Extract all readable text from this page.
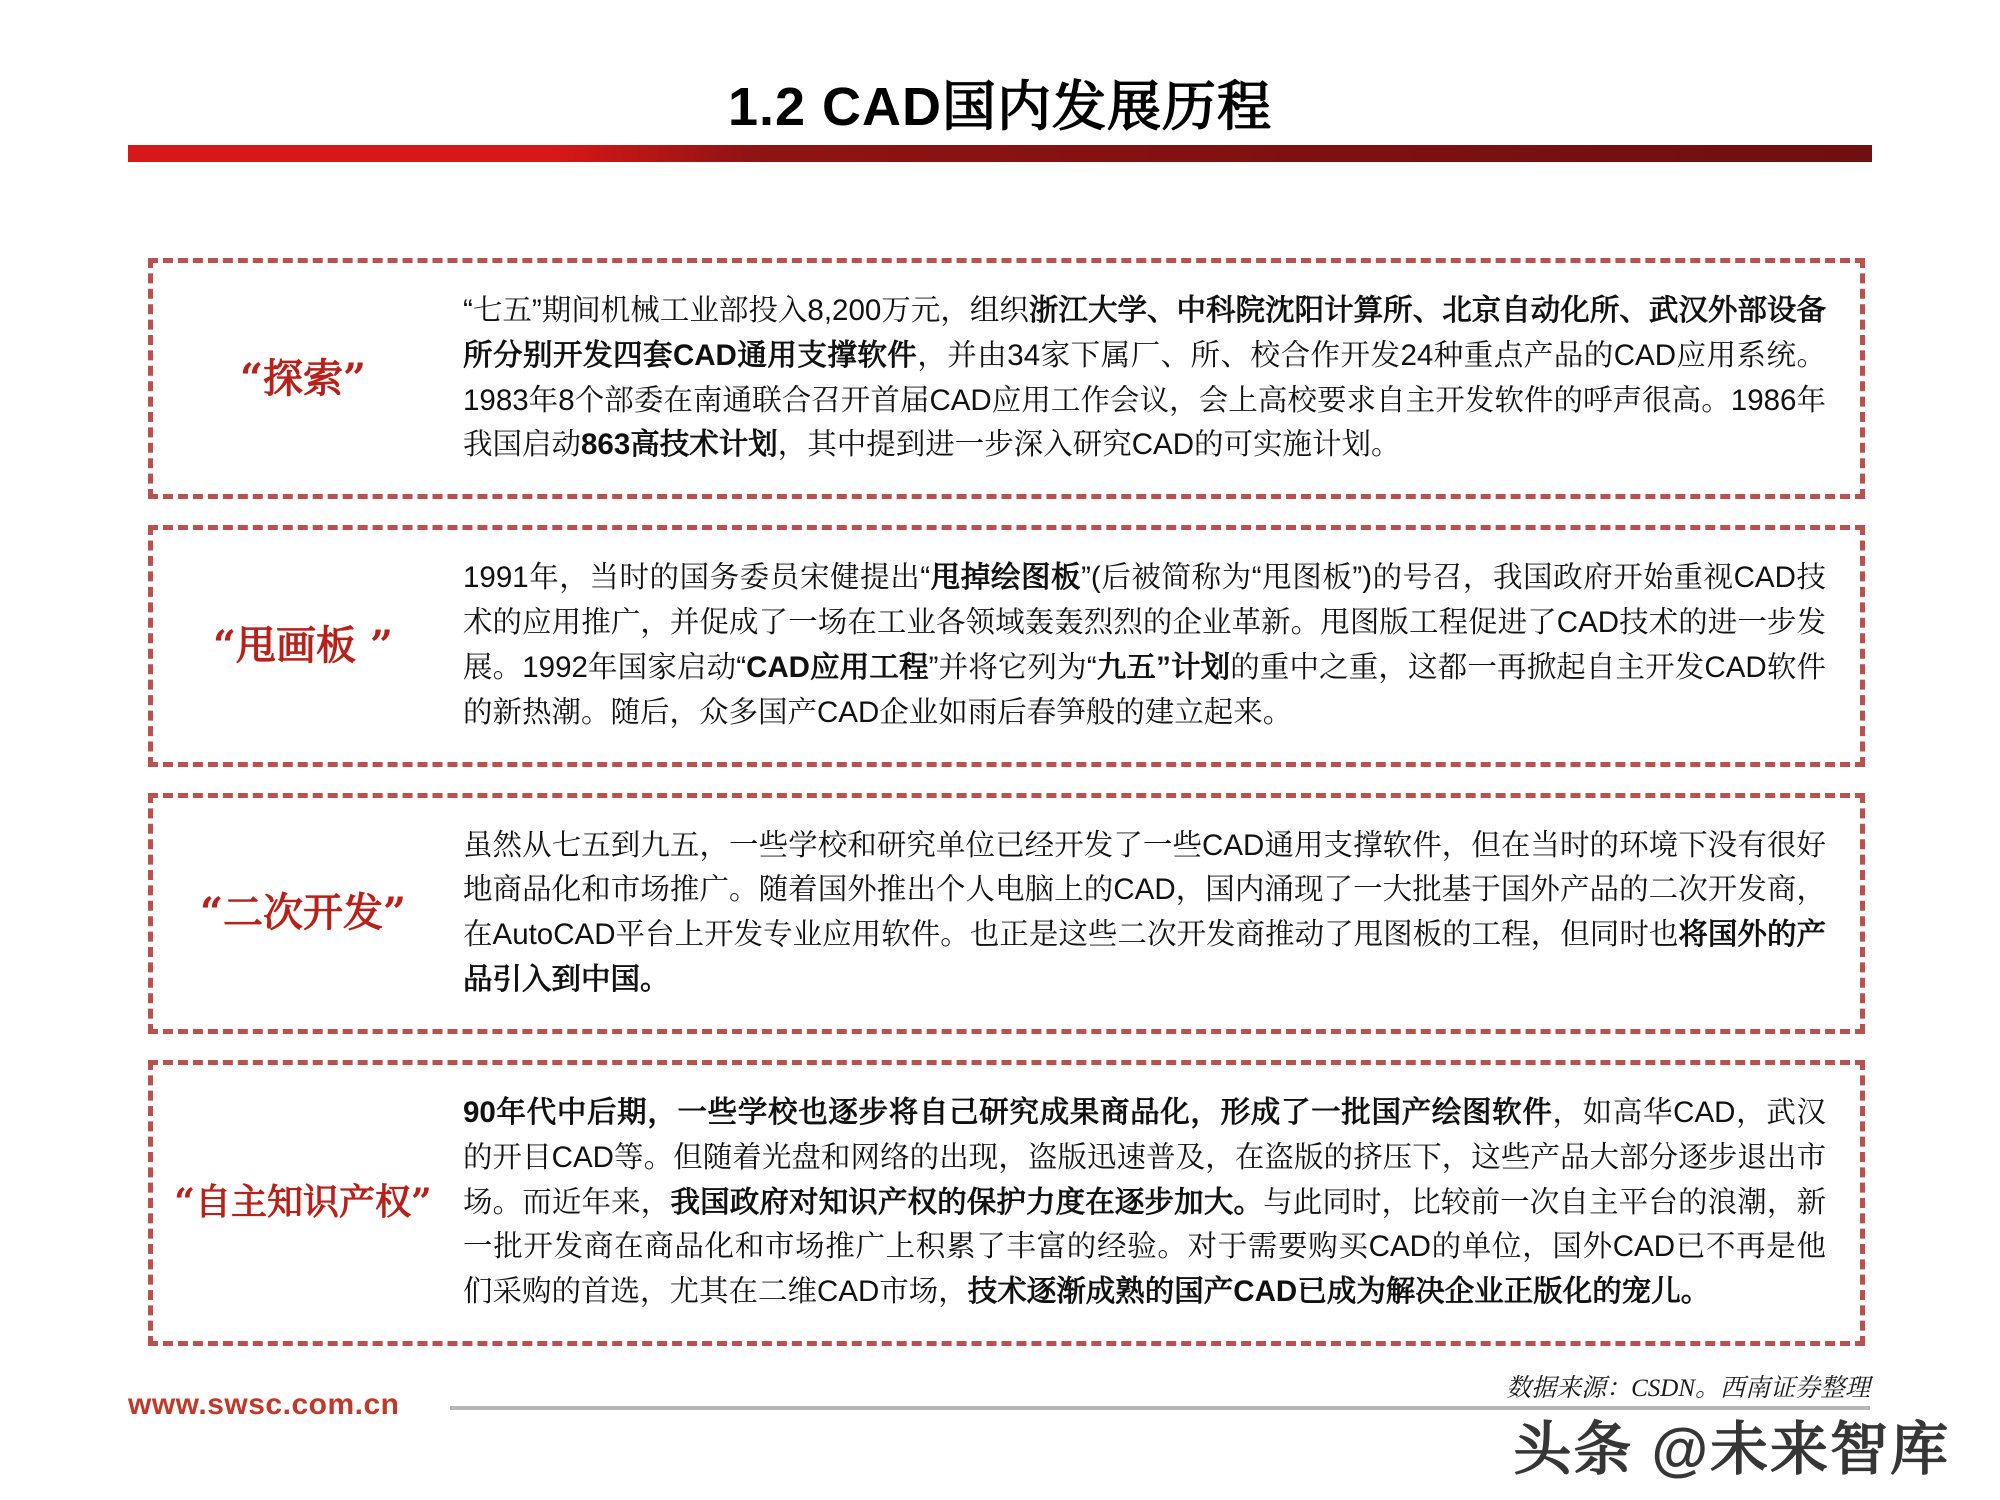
1.2 CAD国内发展历程
“探索”
“七五”期间机械工业部投入8,200万元，组织浙江大学、中科院沈阳计算所、北京自动化所、武汉外部设备所分别开发四套CAD通用支撑软件，并由34家下属厂、所、校合作开发24种重点产品的CAD应用系统。1983年8个部委在南通联合召开首届CAD应用工作会议，会上高校要求自主开发软件的呼声很高。1986年我国启动863高技术计划，其中提到进一步深入研究CAD的可实施计划。
“甩画板 ”
1991年，当时的国务委员宋健提出“甩掉绘图板”(后被简称为“甩图板”)的号召，我国政府开始重视CAD技术的应用推广，并促成了一场在工业各领域轰轰烈烈的企业革新。甩图版工程促进了CAD技术的进一步发展。1992年国家启动“CAD应用工程”并将它列为“九五”计划的重中之重，这都一再掀起自主开发CAD软件的新热潮。随后，众多国产CAD企业如雨后春笋般的建立起来。
“二次开发”
虽然从七五到九五，一些学校和研究单位已经开发了一些CAD通用支撑软件，但在当时的环境下没有很好地商品化和市场推广。随着国外推出个人电脑上的CAD，国内涌现了一大批基于国外产品的二次开发商，在AutoCAD平台上开发专业应用软件。也正是这些二次开发商推动了甩图板的工程，但同时也将国外的产品引入到中国。
“自主知识产权”
90年代中后期，一些学校也逐步将自己研究成果商品化，形成了一批国产绘图软件，如高华CAD，武汉的开目CAD等。但随着光盘和网络的出现，盗版迅速普及，在盗版的挤压下，这些产品大部分逐步退出市场。而近年来，我国政府对知识产权的保护力度在逐步加大。与此同时，比较前一次自主平台的浪潮，新一批开发商在商品化和市场推广上积累了丰富的经验。对于需要购买CAD的单位，国外CAD已不再是他们采购的首选，尤其在二维CAD市场，技术逐渐成熟的国产CAD已成为解决企业正版化的宠儿。
www.swsc.com.cn	数据来源：CSDN。西南证券整理
头条 @未来智库
